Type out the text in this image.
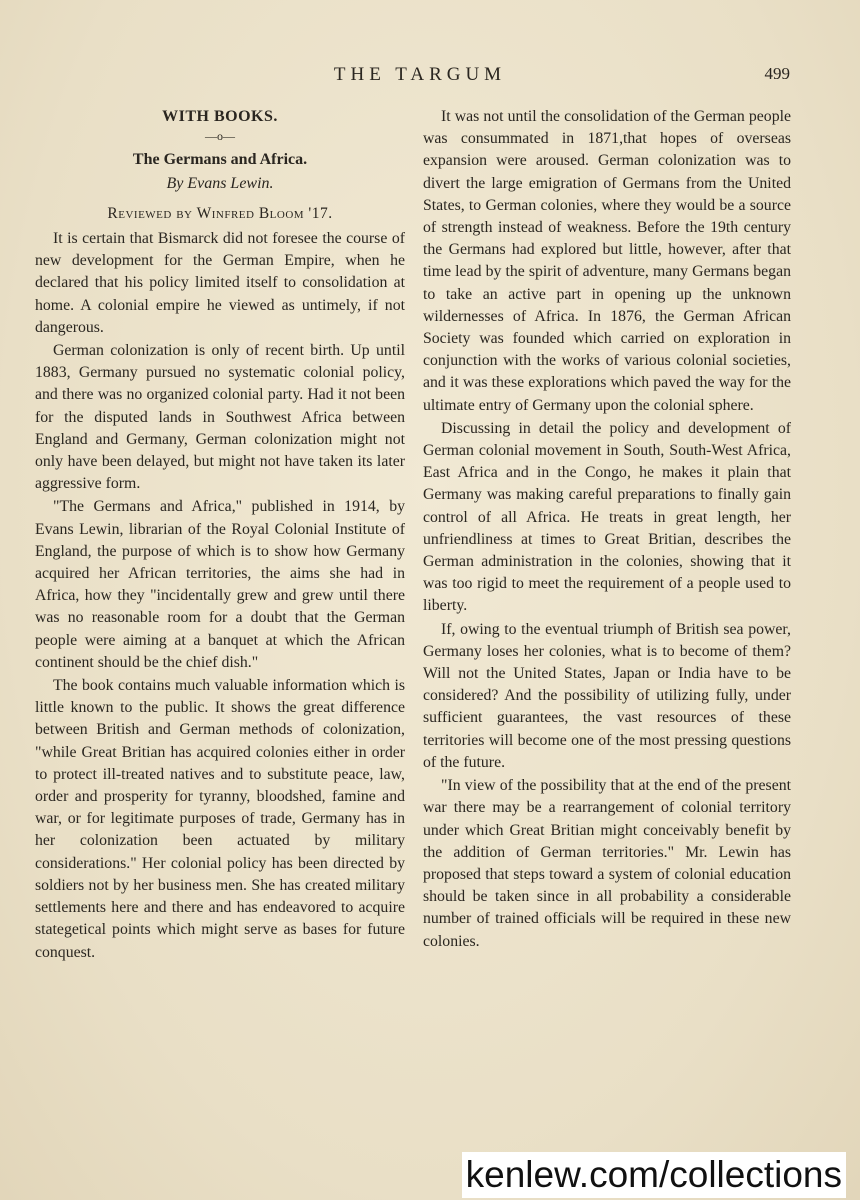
THE TARGUM	499
WITH BOOKS.
—o—
The Germans and Africa.
By Evans Lewin.
Reviewed by Winfred Bloom '17.

It is certain that Bismarck did not foresee the course of new development for the German Empire, when he declared that his policy limited itself to consolidation at home. A colonial empire he viewed as untimely, if not dangerous.

German colonization is only of recent birth. Up until 1883, Germany pursued no systematic colonial policy, and there was no organized colonial party. Had it not been for the disputed lands in Southwest Africa between England and Germany, German colonization might not only have been delayed, but might not have taken its later aggressive form.

"The Germans and Africa," published in 1914, by Evans Lewin, librarian of the Royal Colonial Institute of England, the purpose of which is to show how Germany acquired her African territories, the aims she had in Africa, how they "incidentally grew and grew until there was no reasonable room for a doubt that the German people were aiming at a banquet at which the African continent should be the chief dish."

The book contains much valuable information which is little known to the public. It shows the great difference between British and German methods of colonization, "while Great Britian has acquired colonies either in order to protect ill-treated natives and to substitute peace, law, order and prosperity for tyranny, bloodshed, famine and war, or for legitimate purposes of trade, Germany has in her colonization been actuated by military considerations." Her colonial policy has been directed by soldiers not by her business men. She has created military settlements here and there and has endeavored to acquire stategetical points which might serve as bases for future conquest.

It was not until the consolidation of the German people was consummated in 1871,that hopes of overseas expansion were aroused. German colonization was to divert the large emigration of Germans from the United States, to German colonies, where they would be a source of strength instead of weakness. Before the 19th century the Germans had explored but little, however, after that time lead by the spirit of adventure, many Germans began to take an active part in opening up the unknown wildernesses of Africa. In 1876, the German African Society was founded which carried on exploration in conjunction with the works of various colonial societies, and it was these explorations which paved the way for the ultimate entry of Germany upon the colonial sphere.

Discussing in detail the policy and development of German colonial movement in South, South-West Africa, East Africa and in the Congo, he makes it plain that Germany was making careful preparations to finally gain control of all Africa. He treats in great length, her unfriendliness at times to Great Britian, describes the German administration in the colonies, showing that it was too rigid to meet the requirement of a people used to liberty.

If, owing to the eventual triumph of British sea power, Germany loses her colonies, what is to become of them? Will not the United States, Japan or India have to be considered? And the possibility of utilizing fully, under sufficient guarantees, the vast resources of these territories will become one of the most pressing questions of the future.

"In view of the possibility that at the end of the present war there may be a rearrangement of colonial territory under which Great Britian might conceivably benefit by the addition of German territories." Mr. Lewin has proposed that steps toward a system of colonial education should be taken since in all probability a considerable number of trained officials will be required in these new colonies.

kenlew.com/collections
